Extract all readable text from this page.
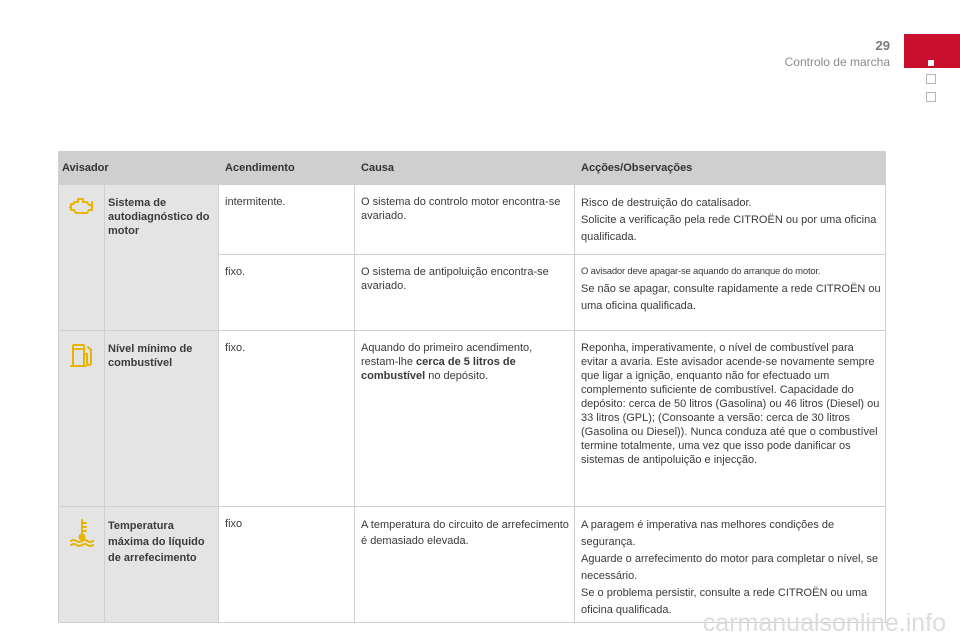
29
Controlo de marcha
Avisador		Acendimento	Causa	Acções/Observações

	Sistema de autodiagnóstico do motor	intermitente.	O sistema do controlo motor encontra-se avariado.	Risco de destruição do catalisador.

Solicite a verificação pela rede CITROËN ou por uma oficina qualificada.

		fixo.	O sistema de antipoluição encontra-se avariado.	O avisador deve apagar-se aquando do arranque do motor.

Se não se apagar, consulte rapidamente a rede CITROËN ou uma oficina qualificada.

	Nível mínimo de combustível	fixo.	Aquando do primeiro acendimento, restam-lhe cerca de 5 litros de combustível no depósito.	Reponha, imperativamente, o nível de combustível para evitar a avaria. Este avisador acende-se novamente sempre que ligar a ignição, enquanto não for efectuado um complemento suficiente de combustível. Capacidade do depósito: cerca de 50 litros (Gasolina) ou 46 litros (Diesel) ou 33 litros (GPL); (Consoante a versão: cerca de 30 litros (Gasolina ou Diesel)). Nunca conduza até que o combustível termine totalmente, uma vez que isso pode danificar os sistemas de antipoluição e injecção.

	Temperatura máxima do líquido de arrefecimento	fixo	A temperatura do circuito de arrefecimento é demasiado elevada.	A paragem é imperativa nas melhores condições de segurança.

Aguarde o arrefecimento do motor para completar o nível, se necessário.

Se o problema persistir, consulte a rede CITROËN ou uma oficina qualificada.	carmanualsonline.info
